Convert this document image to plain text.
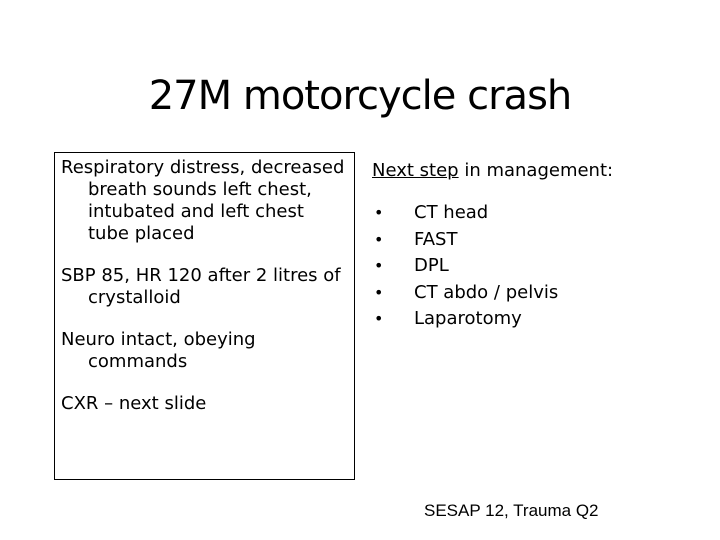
27M motorcycle crash

Respiratory distress, decreased breath sounds left chest, intubated and left chest tube placed

SBP 85, HR 120 after 2 litres of crystalloid

Neuro intact, obeying commands

CXR – next slide

Next step in management:

• CT head
• FAST
• DPL
• CT abdo / pelvis
• Laparotomy
SESAP 12, Trauma Q2
